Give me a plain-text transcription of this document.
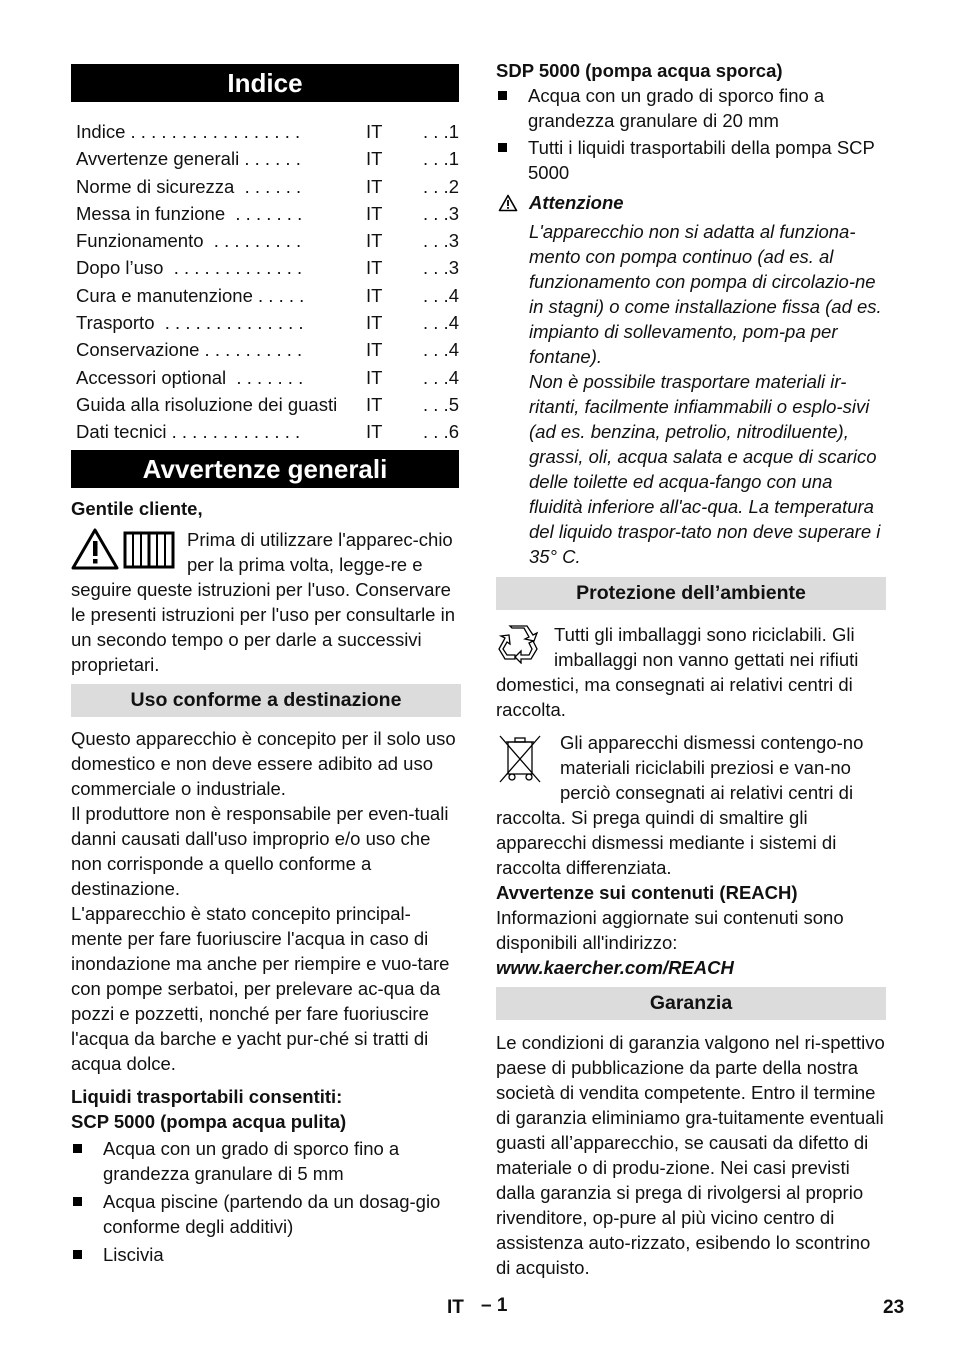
Indice
Indice . . . . . . . . . . . . . . . . .	IT . . .1
Avvertenze generali . . . . . .	IT . . .1
Norme di sicurezza  . . . . . .	IT . . .2
Messa in funzione  . . . . . . .	IT . . .3
Funzionamento  . . . . . . . . .	IT . . .3
Dopo l’uso  . . . . . . . . . . . . .	IT . . .3
Cura e manutenzione . . . . .	IT . . .4
Trasporto  . . . . . . . . . . . . . .	IT . . .4
Conservazione . . . . . . . . . .	IT . . .4
Accessori optional  . . . . . . .	IT . . .4
Guida alla risoluzione dei guasti IT . . .5
Dati tecnici . . . . . . . . . . . . .	IT . . .6
Avvertenze generali

Gentile cliente,

Prima di utilizzare l'apparec-chio per la prima volta, legge-re e seguire queste istruzioni per l'uso. Conservare le presenti istruzioni per l'uso per consultarle in un secondo tempo o per darle a successivi proprietari.

Uso conforme a destinazione

Questo apparecchio è concepito per il solo uso domestico e non deve essere adibito ad uso commerciale o industriale.

Il produttore non è responsabile per even-tuali danni causati dall'uso improprio e/o uso che non corrisponde a quello conforme a destinazione.

L'apparecchio è stato concepito principal-mente per fare fuoriuscire l'acqua in caso di inondazione ma anche per riempire e vuo-tare con pompe serbatoi, per prelevare ac-qua da pozzi e pozzetti, nonché per fare fuoriuscire l'acqua da barche e yacht pur-ché si tratti di acqua dolce.

Liquidi trasportabili consentiti:

SCP 5000 (pompa acqua pulita)

Acqua con un grado di sporco fino a grandezza granulare di 5 mm
Acqua piscine (partendo da un dosag-gio conforme degli additivi)
Liscivia

SDP 5000 (pompa acqua sporca)

Acqua con un grado di sporco fino a grandezza granulare di 20 mm
Tutti i liquidi trasportabili della pompa SCP 5000

Attenzione

L'apparecchio non si adatta al funziona-mento con pompa continuo (ad es. al funzionamento con pompa di circolazio-ne in stagni) o come installazione fissa (ad es. impianto di sollevamento, pom-pa per fontane).

Non è possibile trasportare materiali ir-ritanti, facilmente infiammabili o esplo-sivi (ad es. benzina, petrolio, nitrodiluente), grassi, oli, acqua salata e acque di scarico delle toilette ed acqua-fango con una fluidità inferiore all'ac-qua. La temperatura del liquido traspor-tato non deve superare i 35° C.

Protezione dell’ambiente

Tutti gli imballaggi sono riciclabili. Gli imballaggi non vanno gettati nei rifiuti domestici, ma consegnati ai relativi centri di raccolta.

Gli apparecchi dismessi contengo-no materiali riciclabili preziosi e van-no perciò consegnati ai relativi centri di raccolta. Si prega quindi di smaltire gli apparecchi dismessi mediante i sistemi di raccolta differenziata.

Avvertenze sui contenuti (REACH)

Informazioni aggiornate sui contenuti sono disponibili all'indirizzo:

www.kaercher.com/REACH

Garanzia

Le condizioni di garanzia valgono nel ri-spettivo paese di pubblicazione da parte della nostra società di vendita competente. Entro il termine di garanzia eliminiamo gra-tuitamente eventuali guasti all’apparecchio, se causati da difetto di materiale o di produ-zione. Nei casi previsti dalla garanzia si prega di rivolgersi al proprio rivenditore, op-pure al più vicino centro di assistenza auto-rizzato, esibendo lo scontrino di acquisto.

IT – 1	23
